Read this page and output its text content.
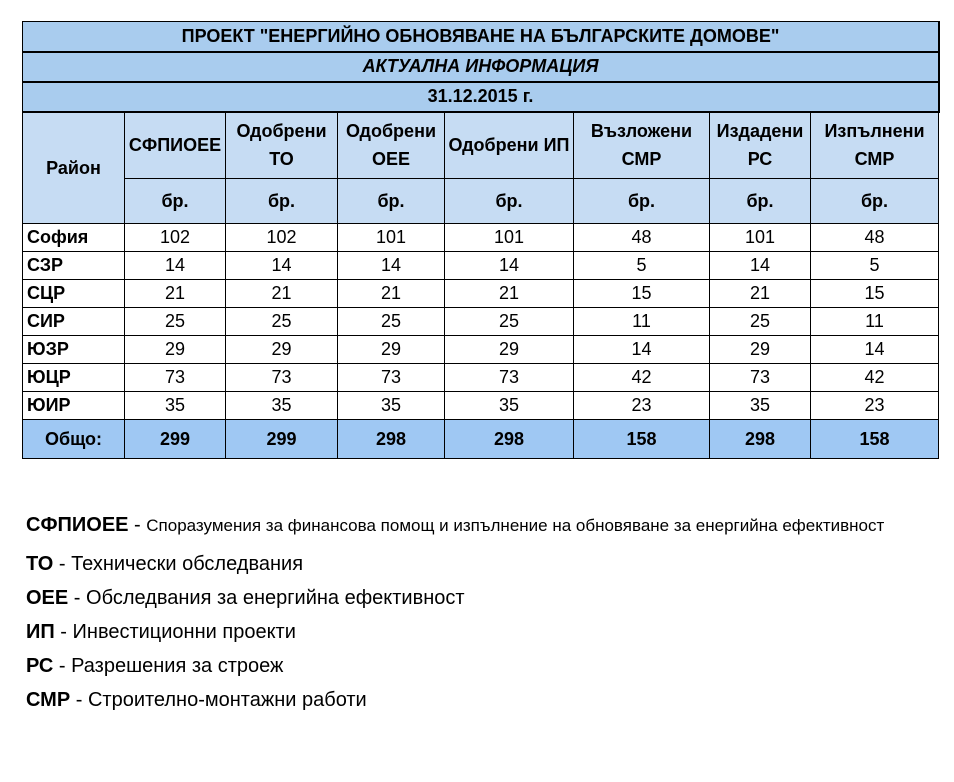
ПРОЕКТ "ЕНЕРГИЙНО ОБНОВЯВАНЕ НА БЪЛГАРСКИТЕ ДОМОВЕ"							
АКТУАЛНА ИНФОРМАЦИЯ							
31.12.2015 г.							
Район	СФПИОЕЕ	Одобрени ТО	Одобрени ОЕЕ	Одобрени ИП	Възложени СМР	Издадени РС	Изпълнени СМР
	бр.	бр.	бр.	бр.	бр.	бр.	бр.
София	102	102	101	101	48	101	48
СЗР	14	14	14	14	5	14	5
СЦР	21	21	21	21	15	21	15
СИР	25	25	25	25	11	25	11
ЮЗР	29	29	29	29	14	29	14
ЮЦР	73	73	73	73	42	73	42
ЮИР	35	35	35	35	23	35	23
Общо:	299	299	298	298	158	298	158
СФПИОЕЕ - Споразумения за финансова помощ и изпълнение на обновяване за енергийна ефективност
ТО - Технически обследвания
ОЕЕ - Обследвания за енергийна ефективност
ИП - Инвестиционни проекти
РС - Разрешения за строеж
СМР - Строително-монтажни работи
